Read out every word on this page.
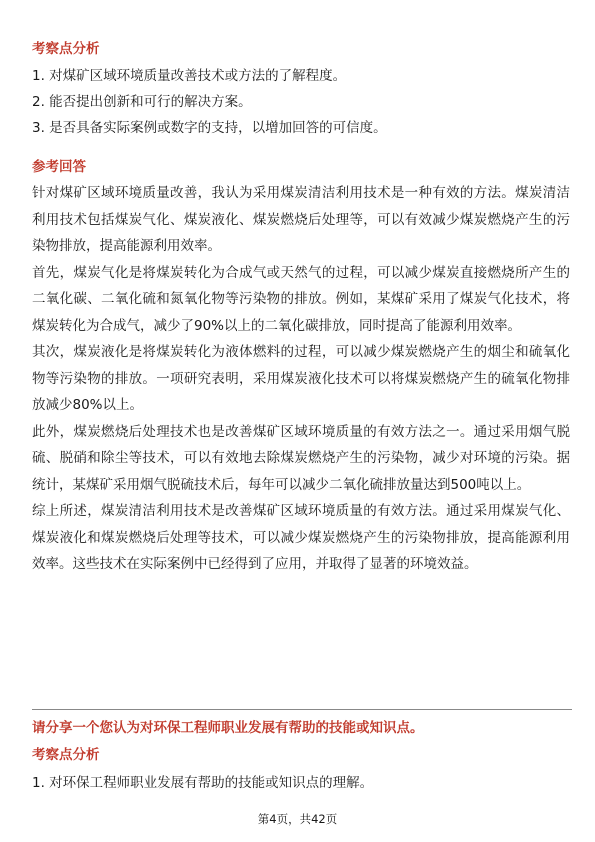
考察点分析

1. 对煤矿区域环境质量改善技术或方法的了解程度。

2. 能否提出创新和可行的解决方案。

3. 是否具备实际案例或数字的支持，以增加回答的可信度。

参考回答

针对煤矿区域环境质量改善，我认为采用煤炭清洁利用技术是一种有效的方法。煤炭清洁利用技术包括煤炭气化、煤炭液化、煤炭燃烧后处理等，可以有效减少煤炭燃烧产生的污染物排放，提高能源利用效率。

首先，煤炭气化是将煤炭转化为合成气或天然气的过程，可以减少煤炭直接燃烧所产生的二氧化碳、二氧化硫和氮氧化物等污染物的排放。例如，某煤矿采用了煤炭气化技术，将煤炭转化为合成气，减少了90%以上的二氧化碳排放，同时提高了能源利用效率。

其次，煤炭液化是将煤炭转化为液体燃料的过程，可以减少煤炭燃烧产生的烟尘和硫氧化物等污染物的排放。一项研究表明，采用煤炭液化技术可以将煤炭燃烧产生的硫氧化物排放减少80%以上。

此外，煤炭燃烧后处理技术也是改善煤矿区域环境质量的有效方法之一。通过采用烟气脱硫、脱硝和除尘等技术，可以有效地去除煤炭燃烧产生的污染物，减少对环境的污染。据统计，某煤矿采用烟气脱硫技术后，每年可以减少二氧化硫排放量达到500吨以上。

综上所述，煤炭清洁利用技术是改善煤矿区域环境质量的有效方法。通过采用煤炭气化、煤炭液化和煤炭燃烧后处理等技术，可以减少煤炭燃烧产生的污染物排放，提高能源利用效率。这些技术在实际案例中已经得到了应用，并取得了显著的环境效益。

请分享一个您认为对环保工程师职业发展有帮助的技能或知识点。

考察点分析

1. 对环保工程师职业发展有帮助的技能或知识点的理解。

第4页，共42页
